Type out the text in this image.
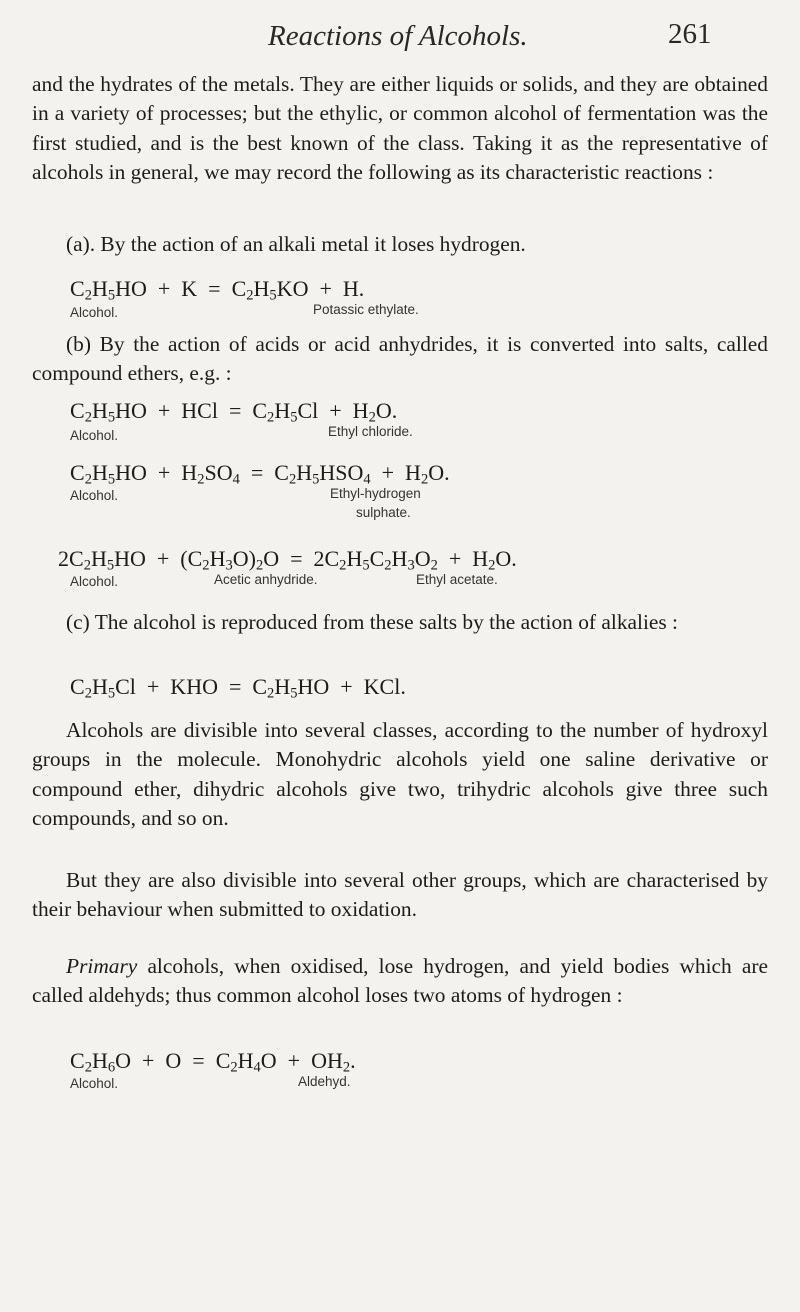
Reactions of Alcohols.	261

and the hydrates of the metals. They are either liquids or solids, and they are obtained in a variety of processes; but the ethylic, or common alcohol of fermentation was the first studied, and is the best known of the class. Taking it as the representative of alcohols in general, we may record the following as its characteristic reactions :

(a). By the action of an alkali metal it loses hydrogen.

$C_2H_5HO + K = C_2H_5KO + H$.
Alcohol.	Potassic ethylate.

(b) By the action of acids or acid anhydrides, it is converted into salts, called compound ethers, e.g. :

$C_2H_5HO$  +  HCl  =  $C_2H_5Cl + H_2O$.
Alcohol.	Ethyl chloride.
$C_2H_5HO + H_2SO_4 = C_2H_5HSO_4 + H_2O$.
Alcohol.	Ethyl-hydrogen
sulphate.
$2C_2H_5HO + (C_2H_3O)_2O = 2C_2H_5C_2H_3O_2 + H_2O$.
Alcohol.	Acetic anhydride.	Ethyl acetate.

(c) The alcohol is reproduced from these salts by the action of alkalies :

$C_2H_5Cl$  +  KHO  =  $C_2H_5HO$  +  KCl.

Alcohols are divisible into several classes, according to the number of hydroxyl groups in the molecule. Monohydric alcohols yield one saline derivative or compound ether, dihydric alcohols give two, trihydric alcohols give three such compounds, and so on.

But they are also divisible into several other groups, which are characterised by their behaviour when submitted to oxidation.

Primary alcohols, when oxidised, lose hydrogen, and yield bodies which are called aldehyds; thus common alcohol loses two atoms of hydrogen :

$C_2H_6O + O = C_2H_4O + OH_2$.
Alcohol.	Aldehyd.
